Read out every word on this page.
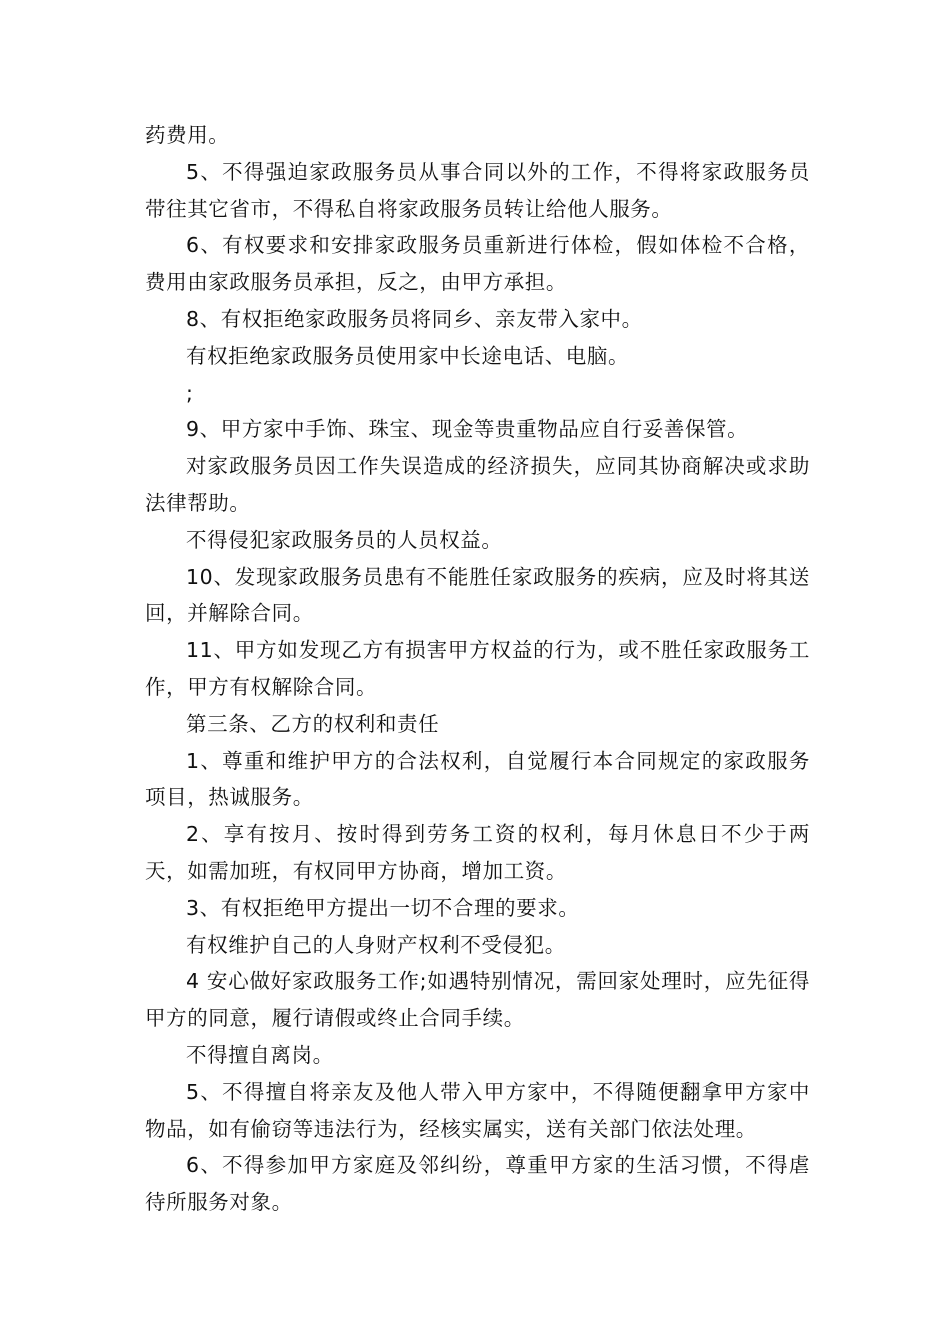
药费用。

5、不得强迫家政服务员从事合同以外的工作，不得将家政服务员带往其它省市，不得私自将家政服务员转让给他人服务。

6、有权要求和安排家政服务员重新进行体检，假如体检不合格，费用由家政服务员承担，反之，由甲方承担。

8、有权拒绝家政服务员将同乡、亲友带入家中。

有权拒绝家政服务员使用家中长途电话、电脑。

;

9、甲方家中手饰、珠宝、现金等贵重物品应自行妥善保管。

对家政服务员因工作失误造成的经济损失，应同其协商解决或求助法律帮助。

不得侵犯家政服务员的人员权益。

10、发现家政服务员患有不能胜任家政服务的疾病，应及时将其送回，并解除合同。

11、甲方如发现乙方有损害甲方权益的行为，或不胜任家政服务工作，甲方有权解除合同。

第三条、乙方的权利和责任

1、尊重和维护甲方的合法权利，自觉履行本合同规定的家政服务项目，热诚服务。

2、享有按月、按时得到劳务工资的权利，每月休息日不少于两天，如需加班，有权同甲方协商，增加工资。

3、有权拒绝甲方提出一切不合理的要求。

有权维护自己的人身财产权利不受侵犯。

4 安心做好家政服务工作;如遇特别情况，需回家处理时，应先征得甲方的同意，履行请假或终止合同手续。

不得擅自离岗。

5、不得擅自将亲友及他人带入甲方家中，不得随便翻拿甲方家中物品，如有偷窃等违法行为，经核实属实，送有关部门依法处理。

6、不得参加甲方家庭及邻纠纷，尊重甲方家的生活习惯，不得虐待所服务对象。
